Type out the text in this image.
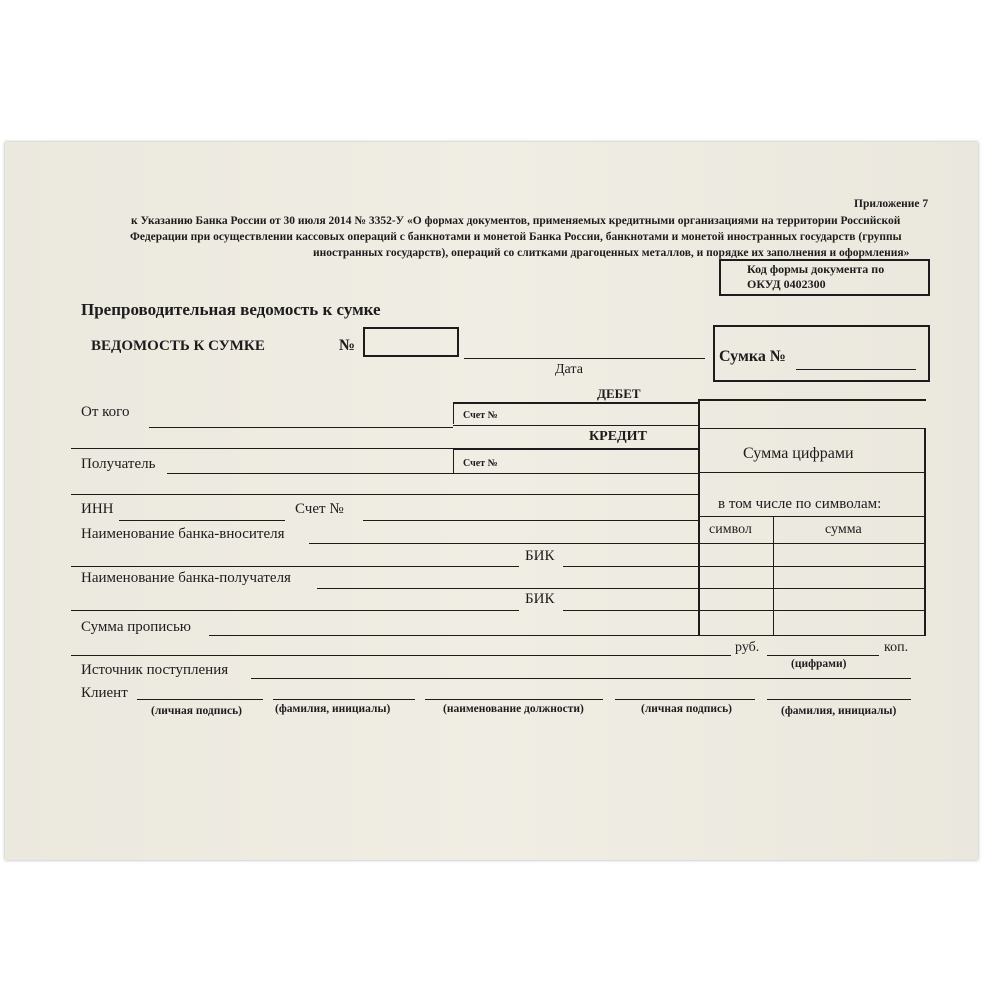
Приложение 7
к Указанию Банка России от 30 июля 2014 № 3352-У «О формах документов, применяемых кредитными организациями на территории Российской
Федерации при осуществлении кассовых операций с банкнотами и монетой Банка России, банкнотами и монетой иностранных государств (группы
иностранных государств), операций со слитками драгоценных металлов, и порядке их заполнения и оформления»
Код формы документа по
ОКУД 0402300
Препроводительная ведомость к сумке
ВЕДОМОСТЬ К СУМКЕ	№
Дата
Сумка №
ДЕБЕТ
Счет №
КРЕДИТ
Счет №
От кого
Получатель
ИНН	Счет №
Наименование банка-вносителя
БИК
Наименование банка-получателя
БИК
Сумма прописью
руб.	коп.
(цифрами)
Источник поступления
Клиент
(личная подпись)	(фамилия, инициалы)	(наименование должности)	(личная подпись)	(фамилия, инициалы)
Сумма цифрами
в том числе по символам:
символ	сумма
